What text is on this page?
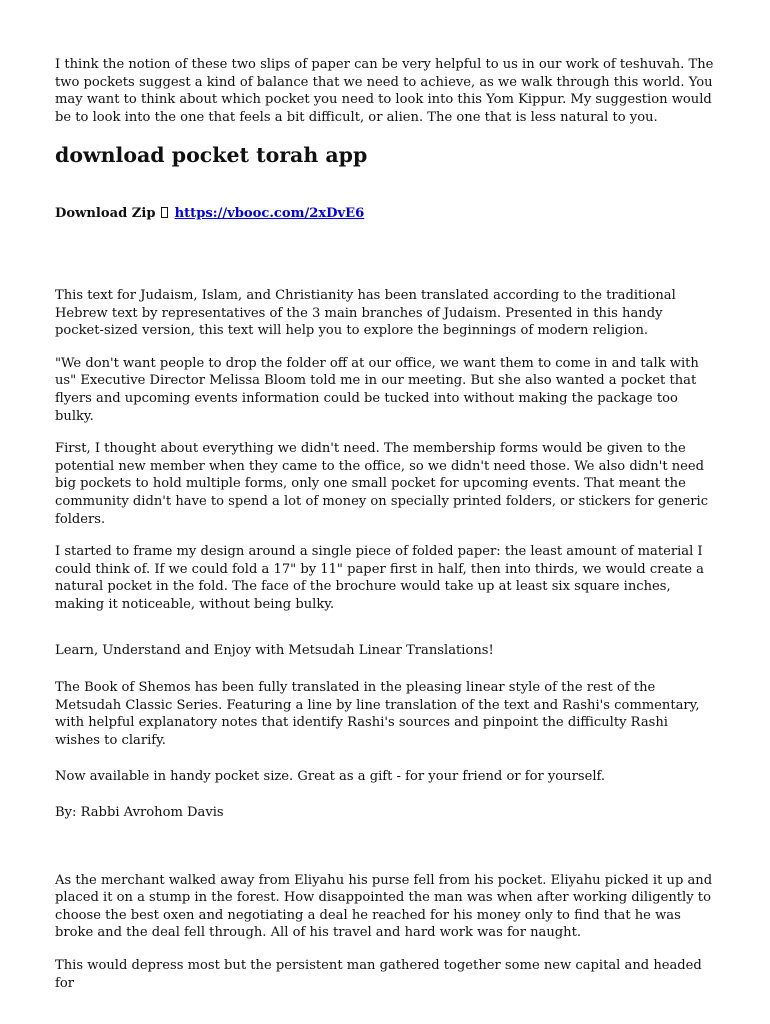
I think the notion of these two slips of paper can be very helpful to us in our work of teshuvah. The two pockets suggest a kind of balance that we need to achieve, as we walk through this world. You may want to think about which pocket you need to look into this Yom Kippur. My suggestion would be to look into the one that feels a bit difficult, or alien. The one that is less natural to you.

download pocket torah app

Download Zip https://vbooc.com/2xDvE6

This text for Judaism, Islam, and Christianity has been translated according to the traditional Hebrew text by representatives of the 3 main branches of Judaism. Presented in this handy pocket-sized version, this text will help you to explore the beginnings of modern religion.

"We don't want people to drop the folder off at our office, we want them to come in and talk with us" Executive Director Melissa Bloom told me in our meeting. But she also wanted a pocket that flyers and upcoming events information could be tucked into without making the package too bulky.

First, I thought about everything we didn't need. The membership forms would be given to the potential new member when they came to the office, so we didn't need those. We also didn't need big pockets to hold multiple forms, only one small pocket for upcoming events. That meant the community didn't have to spend a lot of money on specially printed folders, or stickers for generic folders.

I started to frame my design around a single piece of folded paper: the least amount of material I could think of. If we could fold a 17" by 11" paper first in half, then into thirds, we would create a natural pocket in the fold. The face of the brochure would take up at least six square inches, making it noticeable, without being bulky.

Learn, Understand and Enjoy with Metsudah Linear Translations!

The Book of Shemos has been fully translated in the pleasing linear style of the rest of the Metsudah Classic Series. Featuring a line by line translation of the text and Rashi's commentary, with helpful explanatory notes that identify Rashi's sources and pinpoint the difficulty Rashi wishes to clarify.

Now available in handy pocket size. Great as a gift - for your friend or for yourself.

By: Rabbi Avrohom Davis

As the merchant walked away from Eliyahu his purse fell from his pocket. Eliyahu picked it up and placed it on a stump in the forest. How disappointed the man was when after working diligently to choose the best oxen and negotiating a deal he reached for his money only to find that he was broke and the deal fell through. All of his travel and hard work was for naught.

This would depress most but the persistent man gathered together some new capital and headed for
